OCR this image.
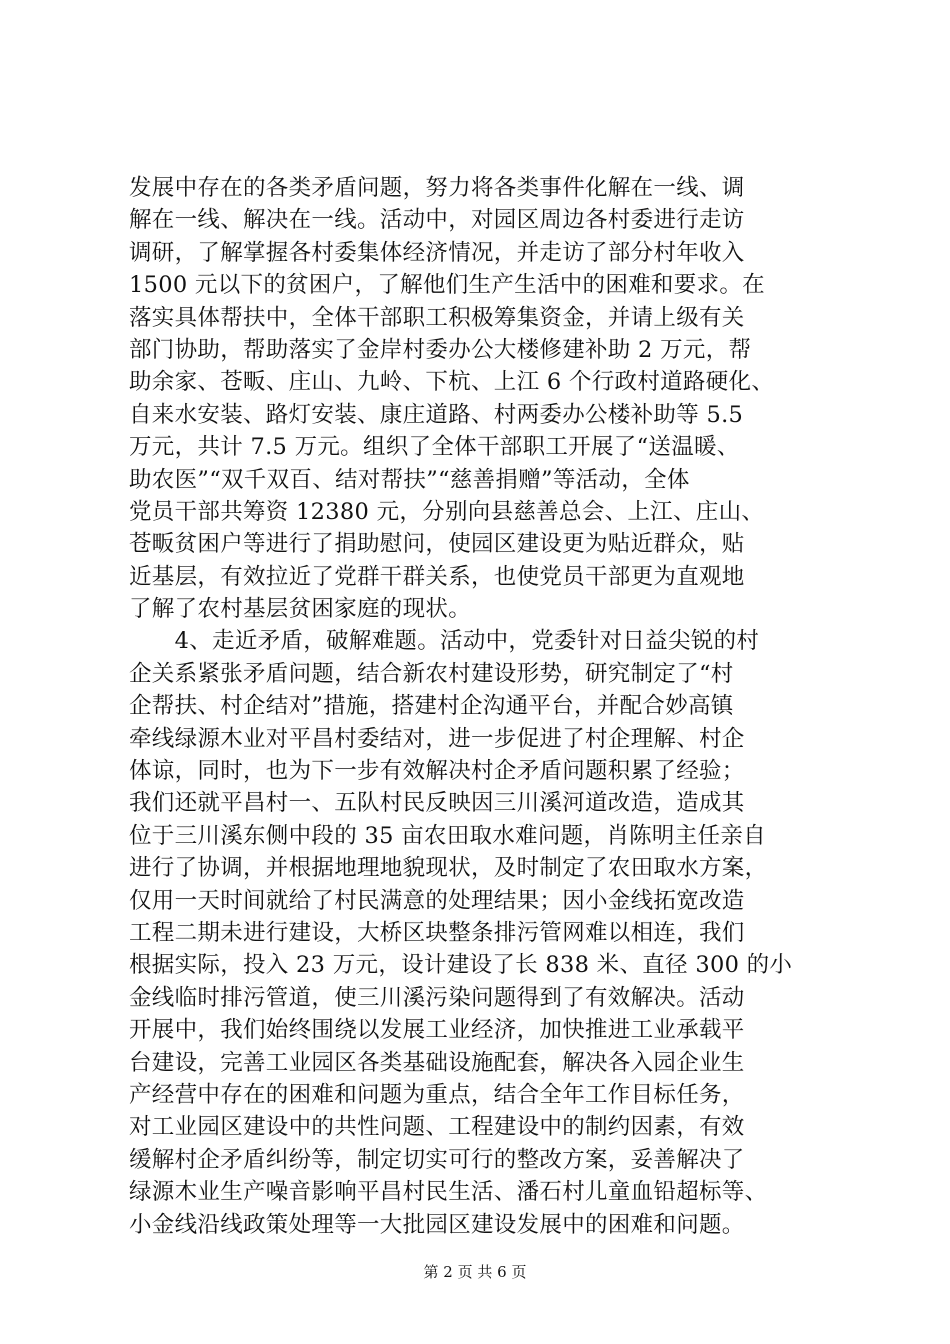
发展中存在的各类矛盾问题，努力将各类事件化解在一线、调
解在一线、解决在一线。活动中，对园区周边各村委进行走访
调研，了解掌握各村委集体经济情况，并走访了部分村年收入
1500 元以下的贫困户，了解他们生产生活中的困难和要求。在
落实具体帮扶中，全体干部职工积极筹集资金，并请上级有关
部门协助，帮助落实了金岸村委办公大楼修建补助 2 万元，帮
助余家、苍畈、庄山、九岭、下杭、上江 6 个行政村道路硬化、
自来水安装、路灯安装、康庄道路、村两委办公楼补助等 5.5
万元，共计 7.5 万元。组织了全体干部职工开展了“送温暖、
助农医”“双千双百、结对帮扶”“慈善捐赠”等活动，全体
党员干部共筹资 12380 元，分别向县慈善总会、上江、庄山、
苍畈贫困户等进行了捐助慰问，使园区建设更为贴近群众，贴
近基层，有效拉近了党群干群关系，也使党员干部更为直观地
了解了农村基层贫困家庭的现状。
　　4、走近矛盾，破解难题。活动中，党委针对日益尖锐的村
企关系紧张矛盾问题，结合新农村建设形势，研究制定了“村
企帮扶、村企结对”措施，搭建村企沟通平台，并配合妙高镇
牵线绿源木业对平昌村委结对，进一步促进了村企理解、村企
体谅，同时，也为下一步有效解决村企矛盾问题积累了经验；
我们还就平昌村一、五队村民反映因三川溪河道改造，造成其
位于三川溪东侧中段的 35 亩农田取水难问题，肖陈明主任亲自
进行了协调，并根据地理地貌现状，及时制定了农田取水方案，
仅用一天时间就给了村民满意的处理结果；因小金线拓宽改造
工程二期未进行建设，大桥区块整条排污管网难以相连，我们
根据实际，投入 23 万元，设计建设了长 838 米、直径 300 的小
金线临时排污管道，使三川溪污染问题得到了有效解决。活动
开展中，我们始终围绕以发展工业经济，加快推进工业承载平
台建设，完善工业园区各类基础设施配套，解决各入园企业生
产经营中存在的困难和问题为重点，结合全年工作目标任务，
对工业园区建设中的共性问题、工程建设中的制约因素，有效
缓解村企矛盾纠纷等，制定切实可行的整改方案，妥善解决了
绿源木业生产噪音影响平昌村民生活、潘石村儿童血铅超标等、
小金线沿线政策处理等一大批园区建设发展中的困难和问题。
第 2 页 共 6 页
